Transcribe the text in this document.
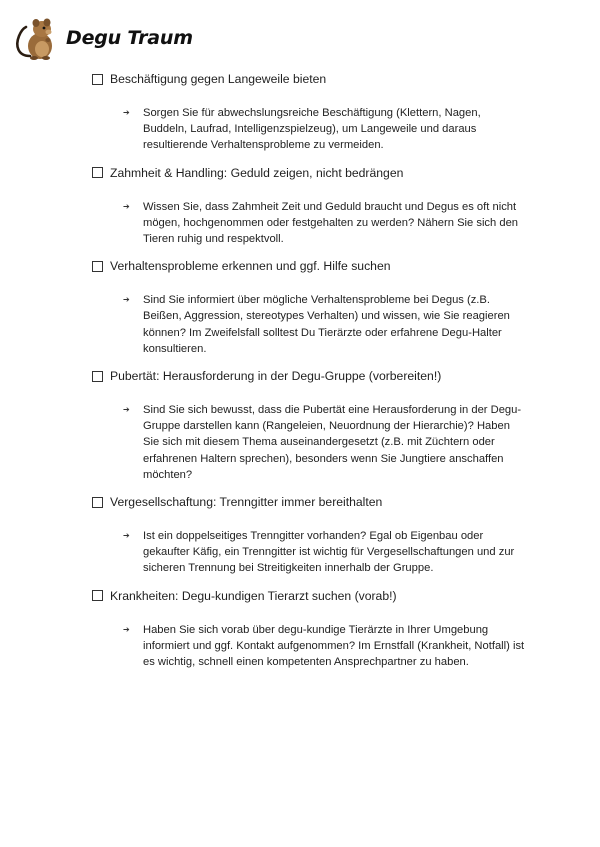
Degu Traum
Beschäftigung gegen Langeweile bieten
➔	Sorgen Sie für abwechslungsreiche Beschäftigung (Klettern, Nagen, Buddeln, Laufrad, Intelligenzspielzeug), um Langeweile und daraus resultierende Verhaltensprobleme zu vermeiden.
Zahmheit & Handling: Geduld zeigen, nicht bedrängen
➔	Wissen Sie, dass Zahmheit Zeit und Geduld braucht und Degus es oft nicht mögen, hochgenommen oder festgehalten zu werden? Nähern Sie sich den Tieren ruhig und respektvoll.
Verhaltensprobleme erkennen und ggf. Hilfe suchen
➔	Sind Sie informiert über mögliche Verhaltensprobleme bei Degus (z.B. Beißen, Aggression, stereotypes Verhalten) und wissen, wie Sie reagieren können? Im Zweifelsfall solltest Du Tierärzte oder erfahrene Degu-Halter konsultieren.
Pubertät: Herausforderung in der Degu-Gruppe (vorbereiten!)
➔	Sind Sie sich bewusst, dass die Pubertät eine Herausforderung in der Degu-Gruppe darstellen kann (Rangeleien, Neuordnung der Hierarchie)? Haben Sie sich mit diesem Thema auseinandergesetzt (z.B. mit Züchtern oder erfahrenen Haltern sprechen), besonders wenn Sie Jungtiere anschaffen möchten?
Vergesellschaftung: Trenngitter immer bereithalten
➔	Ist ein doppelseitiges Trenngitter vorhanden? Egal ob Eigenbau oder gekaufter Käfig, ein Trenngitter ist wichtig für Vergesellschaftungen und zur sicheren Trennung bei Streitigkeiten innerhalb der Gruppe.
Krankheiten: Degu-kundigen Tierarzt suchen (vorab!)
➔	Haben Sie sich vorab über degu-kundige Tierärzte in Ihrer Umgebung informiert und ggf. Kontakt aufgenommen? Im Ernstfall (Krankheit, Notfall) ist es wichtig, schnell einen kompetenten Ansprechpartner zu haben.
